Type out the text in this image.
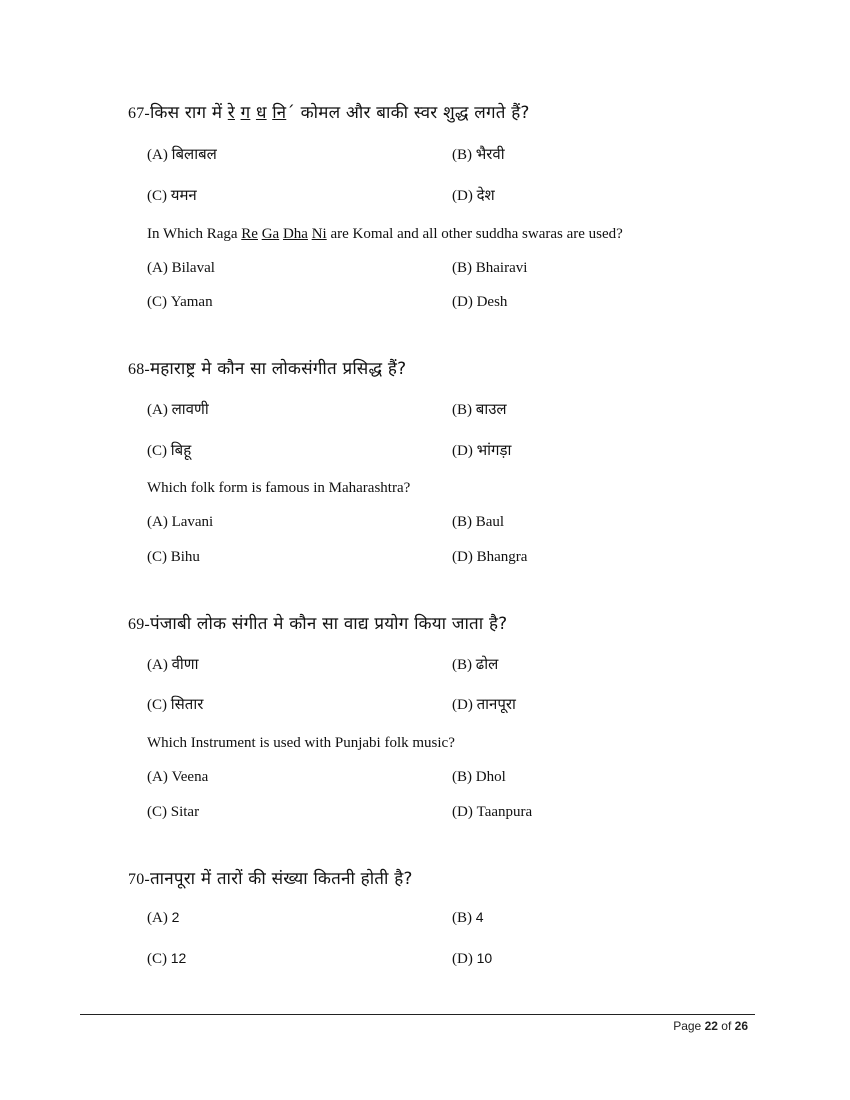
67-किस राग में रे ग ध नि´ कोमल और बाकी स्वर शुद्ध लगते हैं?
(A) बिलाबल	(B) भैरवी
(C) यमन	(D) देश
In Which Raga Re Ga Dha Ni are Komal and all other suddha swaras are used?
(A) Bilaval	(B) Bhairavi
(C) Yaman	(D) Desh
68-महाराष्ट्र मे कौन सा लोकसंगीत प्रसिद्ध हैं?
(A) लावणी	(B) बाउल
(C) बिहू	(D) भांगड़ा
Which folk form is famous in Maharashtra?
(A) Lavani	(B) Baul
(C) Bihu	(D) Bhangra
69-पंजाबी लोक संगीत मे कौन सा वाद्य प्रयोग किया जाता है?
(A) वीणा	(B) ढोल
(C) सितार	(D) तानपूरा
Which Instrument is used with Punjabi folk music?
(A) Veena	(B) Dhol
(C) Sitar	(D) Taanpura
70-तानपूरा में तारों की संख्या कितनी होती है?
(A) 2	(B) 4
(C) 12	(D) 10
Page 22 of 26
